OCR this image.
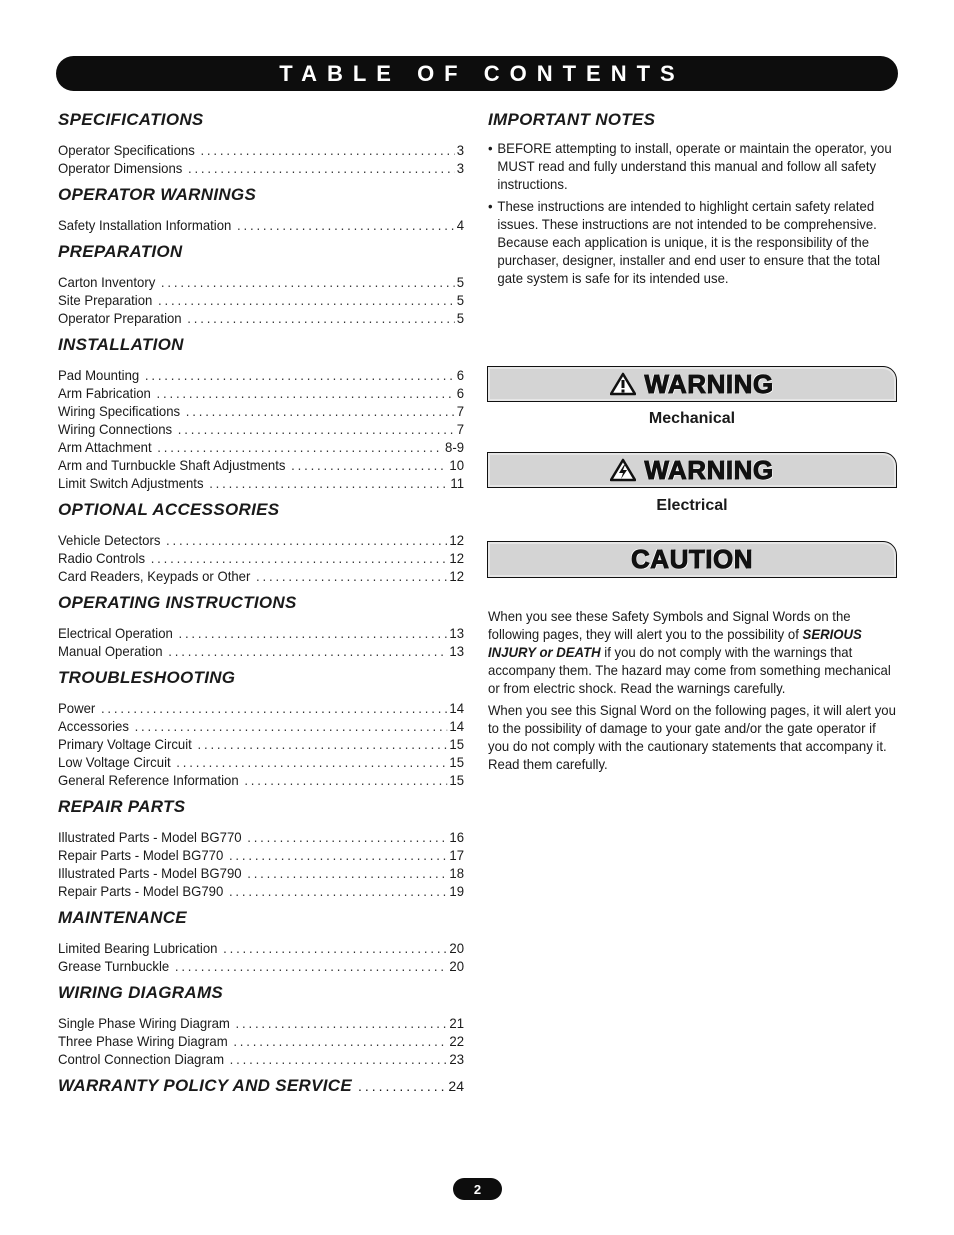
TABLE OF CONTENTS
SPECIFICATIONS
Operator Specifications .....	3
Operator Dimensions .....	3
OPERATOR WARNINGS
Safety Installation Information .....	4
PREPARATION
Carton Inventory .....	5
Site Preparation .....	5
Operator Preparation .....	5
INSTALLATION
Pad Mounting .....	6
Arm Fabrication .....	6
Wiring Specifications .....	7
Wiring Connections .....	7
Arm Attachment .....	8-9
Arm and Turnbuckle Shaft Adjustments .....	10
Limit Switch Adjustments .....	11
OPTIONAL ACCESSORIES
Vehicle Detectors .....	12
Radio Controls .....	12
Card Readers, Keypads or Other .....	12
OPERATING INSTRUCTIONS
Electrical Operation .....	13
Manual Operation .....	13
TROUBLESHOOTING
Power .....	14
Accessories .....	14
Primary Voltage Circuit .....	15
Low Voltage Circuit .....	15
General Reference Information .....	15
REPAIR PARTS
Illustrated Parts - Model BG770 .....	16
Repair Parts - Model BG770 .....	17
Illustrated Parts - Model BG790 .....	18
Repair Parts - Model BG790 .....	19
MAINTENANCE
Limited Bearing Lubrication .....	20
Grease Turnbuckle .....	20
WIRING DIAGRAMS
Single Phase Wiring Diagram .....	21
Three Phase Wiring Diagram .....	22
Control Connection Diagram .....	23
WARRANTY POLICY AND SERVICE .....	24
IMPORTANT NOTES
• BEFORE attempting to install, operate or maintain the operator, you MUST read and fully understand this manual and follow all safety instructions.
• These instructions are intended to highlight certain safety related issues. These instructions are not intended to be comprehensive. Because each application is unique, it is the responsibility of the purchaser, designer, installer and end user to ensure that the total gate system is safe for its intended use.
WARNING
Mechanical
WARNING
Electrical
CAUTION

When you see these Safety Symbols and Signal Words on the following pages, they will alert you to the possibility of SERIOUS INJURY or DEATH if you do not comply with the warnings that accompany them. The hazard may come from something mechanical or from electric shock. Read the warnings carefully.

When you see this Signal Word on the following pages, it will alert you to the possibility of damage to your gate and/or the gate operator if you do not comply with the cautionary statements that accompany it. Read them carefully.

2
